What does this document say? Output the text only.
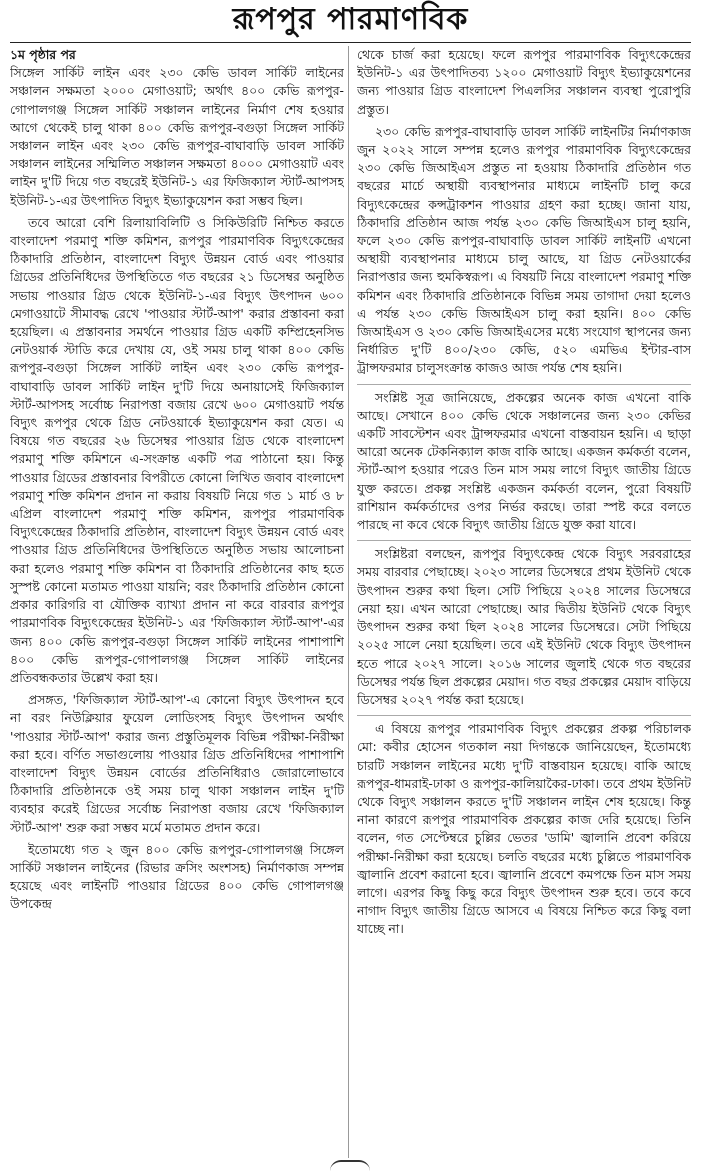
রূপপুর পারমাণবিক

১ম পৃষ্ঠার পর

সিঙ্গেল সার্কিট লাইন এবং ২৩০ কেভি ডাবল সার্কিট লাইনের সঞ্চালন সক্ষমতা ২০০০ মেগাওয়াট; অর্থাৎ ৪০০ কেভি রূপপুর-গোপালগঞ্জ সিঙ্গেল সার্কিট সঞ্চালন লাইনের নির্মাণ শেষ হওয়ার আগে থেকেই চালু থাকা ৪০০ কেভি রূপপুর-বগুড়া সিঙ্গেল সার্কিট সঞ্চালন লাইন এবং ২৩০ কেভি রূপপুর-বাঘাবাড়ি ডাবল সার্কিট সঞ্চালন লাইনের সম্মিলিত সঞ্চালন সক্ষমতা ৪০০০ মেগাওয়াট এবং লাইন দু'টি দিয়ে গত বছরেই ইউনিট-১ এর ফিজিক্যাল স্টার্ট-আপসহ ইউনিট-১-এর উৎপাদিত বিদ্যুৎ ইভ্যাকুয়েশন করা সম্ভব ছিল।

তবে আরো বেশি রিলায়াবিলিটি ও সিকিউরিটি নিশ্চিত করতে বাংলাদেশ পরমাণু শক্তি কমিশন, রূপপুর পারমাণবিক বিদ্যুৎকেন্দ্রের ঠিকাদারি প্রতিষ্ঠান, বাংলাদেশ বিদ্যুৎ উন্নয়ন বোর্ড এবং পাওয়ার গ্রিডের প্রতিনিধিদের উপস্থিতিতে গত বছরের ২১ ডিসেম্বর অনুষ্ঠিত সভায় পাওয়ার গ্রিড থেকে ইউনিট-১-এর বিদ্যুৎ উৎপাদন ৬০০ মেগাওয়াটে সীমাবদ্ধ রেখে 'পাওয়ার স্টার্ট-আপ' করার প্রস্তাবনা করা হয়েছিল। এ প্রস্তাবনার সমর্থনে পাওয়ার গ্রিড একটি কম্প্রিহেনসিভ নেটওয়ার্ক স্টাডি করে দেখায় যে, ওই সময় চালু থাকা ৪০০ কেভি রূপপুর-বগুড়া সিঙ্গেল সার্কিট লাইন এবং ২৩০ কেভি রূপপুর-বাঘাবাড়ি ডাবল সার্কিট লাইন দু'টি দিয়ে অনায়াসেই ফিজিক্যাল স্টার্ট-আপসহ সর্বোচ্চ নিরাপত্তা বজায় রেখে ৬০০ মেগাওয়াট পর্যন্ত বিদ্যুৎ রূপপুর থেকে গ্রিড নেটওয়ার্কে ইভ্যাকুয়েশন করা যেত। এ বিষয়ে গত বছরের ২৬ ডিসেম্বর পাওয়ার গ্রিড থেকে বাংলাদেশ পরমাণু শক্তি কমিশনে এ-সংক্রান্ত একটি পত্র পাঠানো হয়। কিন্তু পাওয়ার গ্রিডের প্রস্তাবনার বিপরীতে কোনো লিখিত জবাব বাংলাদেশ পরমাণু শক্তি কমিশন প্রদান না করায় বিষয়টি নিয়ে গত ১ মার্চ ও ৮ এপ্রিল বাংলাদেশ পরমাণু শক্তি কমিশন, রূপপুর পারমাণবিক বিদ্যুৎকেন্দ্রের ঠিকাদারি প্রতিষ্ঠান, বাংলাদেশ বিদ্যুৎ উন্নয়ন বোর্ড এবং পাওয়ার গ্রিড প্রতিনিধিদের উপস্থিতিতে অনুষ্ঠিত সভায় আলোচনা করা হলেও পরমাণু শক্তি কমিশন বা ঠিকাদারি প্রতিষ্ঠানের কাছ হতে সুস্পষ্ট কোনো মতামত পাওয়া যায়নি; বরং ঠিকাদারি প্রতিষ্ঠান কোনো প্রকার কারিগরি বা যৌক্তিক ব্যাখ্যা প্রদান না করে বারবার রূপপুর পারমাণবিক বিদ্যুৎকেন্দ্রের ইউনিট-১ এর 'ফিজিক্যাল স্টার্ট-আপ'-এর জন্য ৪০০ কেভি রূপপুর-বগুড়া সিঙ্গেল সার্কিট লাইনের পাশাপাশি ৪০০ কেভি রূপপুর-গোপালগঞ্জ সিঙ্গেল সার্কিট লাইনের প্রতিবন্ধকতার উল্লেখ করা হয়।

প্রসঙ্গত, 'ফিজিক্যাল স্টার্ট-আপ'-এ কোনো বিদ্যুৎ উৎপাদন হবে না বরং নিউক্লিয়ার ফুয়েল লোডিংসহ বিদ্যুৎ উৎপাদন অর্থাৎ 'পাওয়ার স্টার্ট-আপ' করার জন্য প্রস্তুতিমূলক বিভিন্ন পরীক্ষা-নিরীক্ষা করা হবে। বর্ণিত সভাগুলোয় পাওয়ার গ্রিড প্রতিনিধিদের পাশাপাশি বাংলাদেশ বিদ্যুৎ উন্নয়ন বোর্ডের প্রতিনিধিরাও জোরালোভাবে ঠিকাদারি প্রতিষ্ঠানকে ওই সময় চালু থাকা সঞ্চালন লাইন দু'টি ব্যবহার করেই গ্রিডের সর্বোচ্চ নিরাপত্তা বজায় রেখে 'ফিজিক্যাল স্টার্ট-আপ' শুরু করা সম্ভব মর্মে মতামত প্রদান করে।

ইতোমধ্যে গত ২ জুন ৪০০ কেভি রূপপুর-গোপালগঞ্জ সিঙ্গেল সার্কিট সঞ্চালন লাইনের (রিভার ক্রসিং অংশসহ) নির্মাণকাজ সম্পন্ন হয়েছে এবং লাইনটি পাওয়ার গ্রিডের ৪০০ কেভি গোপালগঞ্জ উপকেন্দ্র

থেকে চার্জ করা হয়েছে। ফলে রূপপুর পারমাণবিক বিদ্যুৎকেন্দ্রের ইউনিট-১ এর উৎপাদিতব্য ১২০০ মেগাওয়াট বিদ্যুৎ ইভ্যাকুয়েশনের জন্য পাওয়ার গ্রিড বাংলাদেশ পিএলসির সঞ্চালন ব্যবস্থা পুরোপুরি প্রস্তুত।

২৩০ কেভি রূপপুর-বাঘাবাড়ি ডাবল সার্কিট লাইনটির নির্মাণকাজ জুন ২০২২ সালে সম্পন্ন হলেও রূপপুর পারমাণবিক বিদ্যুৎকেন্দ্রের ২৩০ কেভি জিআইএস প্রস্তুত না হওয়ায় ঠিকাদারি প্রতিষ্ঠান গত বছরের মার্চে অস্থায়ী ব্যবস্থাপনার মাধ্যমে লাইনটি চালু করে বিদ্যুৎকেন্দ্রের কন্সট্রাকশন পাওয়ার গ্রহণ করা হচ্ছে। জানা যায়, ঠিকাদারি প্রতিষ্ঠান আজ পর্যন্ত ২৩০ কেভি জিআইএস চালু হয়নি, ফলে ২৩০ কেভি রূপপুর-বাঘাবাড়ি ডাবল সার্কিট লাইনটি এখনো অস্থায়ী ব্যবস্থাপনার মাধ্যমে চালু আছে, যা গ্রিড নেটওয়ার্কের নিরাপত্তার জন্য হুমকিস্বরূপ। এ বিষয়টি নিয়ে বাংলাদেশ পরমাণু শক্তি কমিশন এবং ঠিকাদারি প্রতিষ্ঠানকে বিভিন্ন সময় তাগাদা দেয়া হলেও এ পর্যন্ত ২৩০ কেভি জিআইএস চালু করা হয়নি। ৪০০ কেভি জিআইএস ও ২৩০ কেভি জিআইএসের মধ্যে সংযোগ স্থাপনের জন্য নির্ধারিত দু'টি ৪০০/২৩০ কেভি, ৫২০ এমভিএ ইন্টার-বাস ট্রান্সফরমার চালুসংক্রান্ত কাজও আজ পর্যন্ত শেষ হয়নি।

সংশ্লিষ্ট সূত্র জানিয়েছে, প্রকল্পের অনেক কাজ এখনো বাকি আছে। সেখানে ৪০০ কেভি থেকে সঞ্চালনের জন্য ২৩০ কেভির একটি সাবস্টেশন এবং ট্রান্সফরমার এখনো বাস্তবায়ন হয়নি। এ ছাড়া আরো অনেক টেকনিক্যাল কাজ বাকি আছে। একজন কর্মকর্তা বলেন, স্টার্ট-আপ হওয়ার পরেও তিন মাস সময় লাগে বিদ্যুৎ জাতীয় গ্রিডে যুক্ত করতে। প্রকল্প সংশ্লিষ্ট একজন কর্মকর্তা বলেন, পুরো বিষয়টি রাশিয়ান কর্মকর্তাদের ওপর নির্ভর করছে। তারা স্পষ্ট করে বলতে পারছে না কবে থেকে বিদ্যুৎ জাতীয় গ্রিডে যুক্ত করা যাবে।

সংশ্লিষ্টরা বলছেন, রূপপুর বিদ্যুৎকেন্দ্র থেকে বিদ্যুৎ সরবরাহের সময় বারবার পেছাচ্ছে। ২০২৩ সালের ডিসেম্বরে প্রথম ইউনিট থেকে উৎপাদন শুরুর কথা ছিল। সেটি পিছিয়ে ২০২৪ সালের ডিসেম্বরে নেয়া হয়। এখন আরো পেছাচ্ছে। আর দ্বিতীয় ইউনিট থেকে বিদ্যুৎ উৎপাদন শুরুর কথা ছিল ২০২৪ সালের ডিসেম্বরে। সেটা পিছিয়ে ২০২৫ সালে নেয়া হয়েছিল। তবে এই ইউনিট থেকে বিদ্যুৎ উৎপাদন হতে পারে ২০২৭ সালে। ২০১৬ সালের জুলাই থেকে গত বছরের ডিসেম্বর পর্যন্ত ছিল প্রকল্পের মেয়াদ। গত বছর প্রকল্পের মেয়াদ বাড়িয়ে ডিসেম্বর ২০২৭ পর্যন্ত করা হয়েছে।

এ বিষয়ে রূপপুর পারমাণবিক বিদ্যুৎ প্রকল্পের প্রকল্প পরিচালক মো: কবীর হোসেন গতকাল নয়া দিগন্তকে জানিয়েছেন, ইতোমধ্যে চারটি সঞ্চালন লাইনের মধ্যে দু'টি বাস্তবায়ন হয়েছে। বাকি আছে রূপপুর-ধামরাই-ঢাকা ও রূপপুর-কালিয়াকৈর-ঢাকা। তবে প্রথম ইউনিট থেকে বিদ্যুৎ সঞ্চালন করতে দু'টি সঞ্চালন লাইন শেষ হয়েছে। কিন্তু নানা কারণে রূপপুর পারমাণবিক প্রকল্পের কাজ দেরি হয়েছে। তিনি বলেন, গত সেপ্টেম্বরে চুল্লির ভেতর 'ডামি' জ্বালানি প্রবেশ করিয়ে পরীক্ষা-নিরীক্ষা করা হয়েছে। চলতি বছরের মধ্যে চুল্লিতে পারমাণবিক জ্বালানি প্রবেশ করানো হবে। জ্বালানি প্রবেশে কমপক্ষে তিন মাস সময় লাগে। এরপর কিছু কিছু করে বিদ্যুৎ উৎপাদন শুরু হবে। তবে কবে নাগাদ বিদ্যুৎ জাতীয় গ্রিডে আসবে এ বিষয়ে নিশ্চিত করে কিছু বলা যাচ্ছে না।
